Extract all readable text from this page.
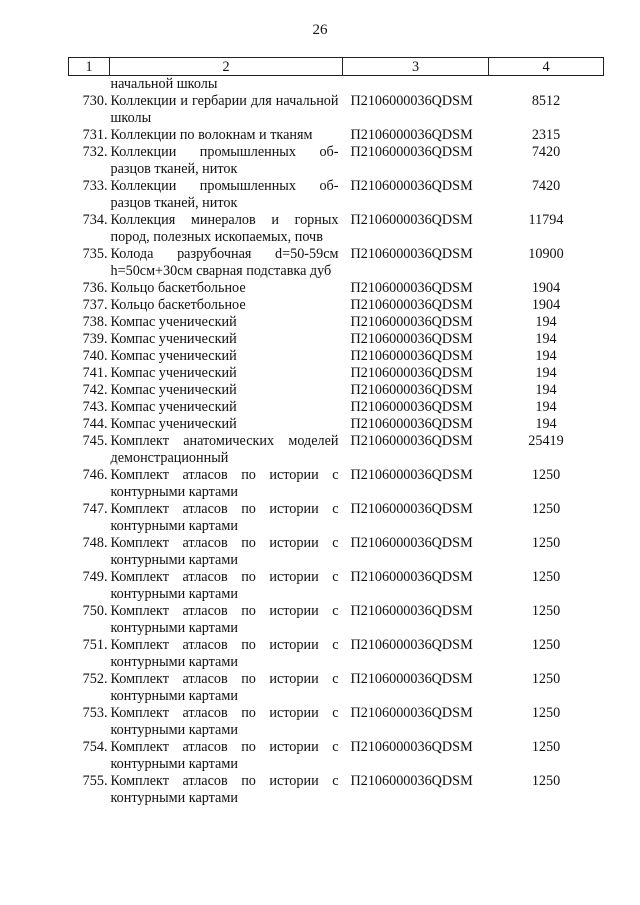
26
1	2	3	4
	начальной школы		
730.	Коллекции и гербарии для начальной школы	П2106000036QDSM	8512
731.	Коллекции по волокнам и тканям	П2106000036QDSM	2315
732.	Коллекции промышленных об-разцов тканей, ниток	П2106000036QDSM	7420
733.	Коллекции промышленных об-разцов тканей, ниток	П2106000036QDSM	7420
734.	Коллекция минералов и горных пород, полезных ископаемых, почв	П2106000036QDSM	11794
735.	Колода разрубочная d=50-59см h=50см+30см сварная подставка дуб	П2106000036QDSM	10900
736.	Кольцо баскетбольное	П2106000036QDSM	1904
737.	Кольцо баскетбольное	П2106000036QDSM	1904
738.	Компас ученический	П2106000036QDSM	194
739.	Компас ученический	П2106000036QDSM	194
740.	Компас ученический	П2106000036QDSM	194
741.	Компас ученический	П2106000036QDSM	194
742.	Компас ученический	П2106000036QDSM	194
743.	Компас ученический	П2106000036QDSM	194
744.	Компас ученический	П2106000036QDSM	194
745.	Комплект анатомических моделей демонстрационный	П2106000036QDSM	25419
746.	Комплект атласов по истории с контурными картами	П2106000036QDSM	1250
747.	Комплект атласов по истории с контурными картами	П2106000036QDSM	1250
748.	Комплект атласов по истории с контурными картами	П2106000036QDSM	1250
749.	Комплект атласов по истории с контурными картами	П2106000036QDSM	1250
750.	Комплект атласов по истории с контурными картами	П2106000036QDSM	1250
751.	Комплект атласов по истории с контурными картами	П2106000036QDSM	1250
752.	Комплект атласов по истории с контурными картами	П2106000036QDSM	1250
753.	Комплект атласов по истории с контурными картами	П2106000036QDSM	1250
754.	Комплект атласов по истории с контурными картами	П2106000036QDSM	1250
755.	Комплект атласов по истории с контурными картами	П2106000036QDSM	1250
